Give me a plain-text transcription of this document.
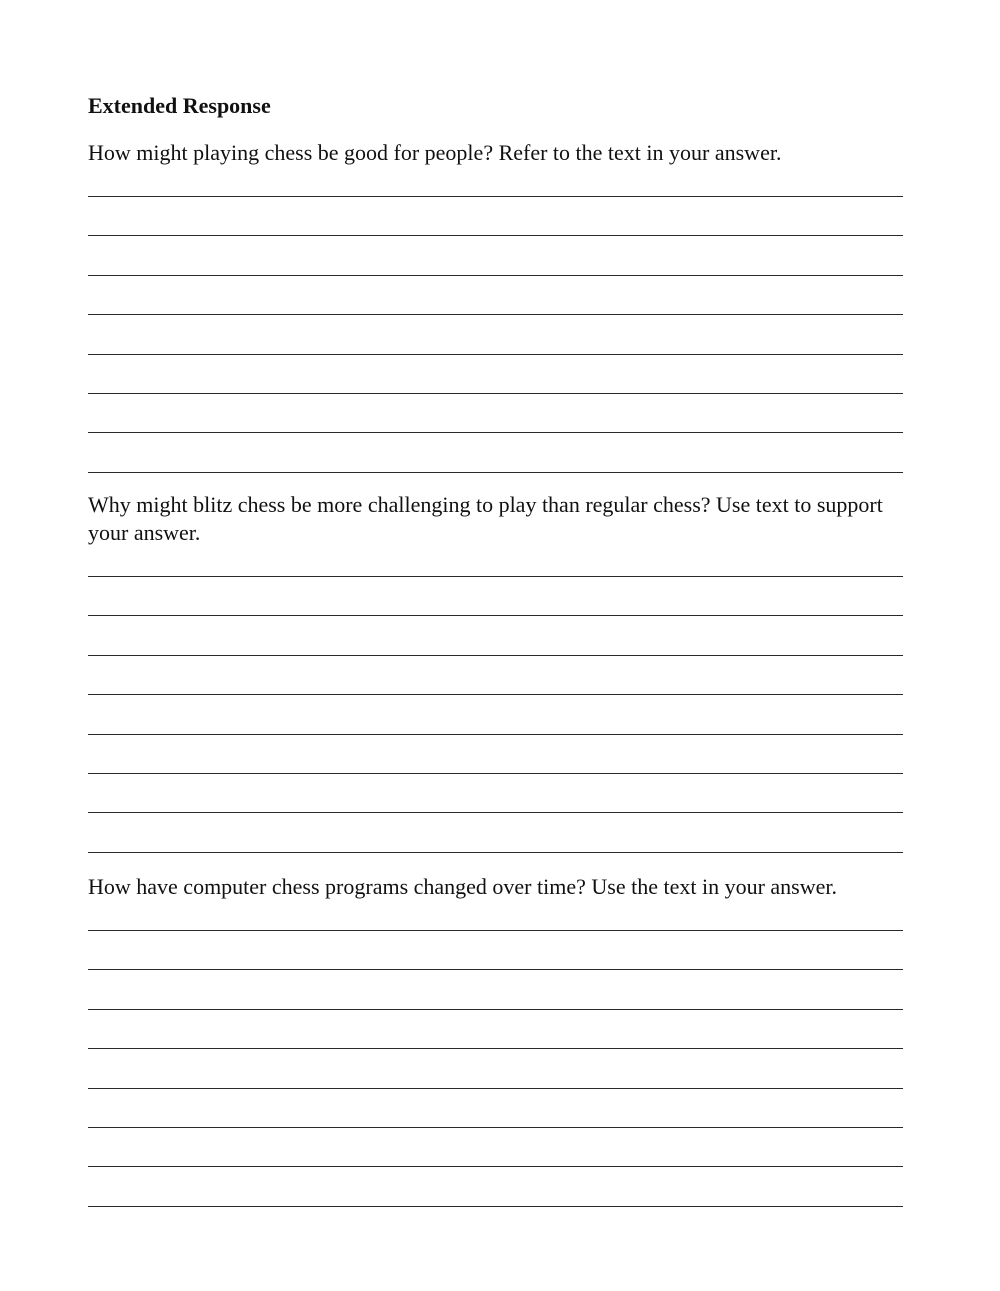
Extended Response

How might playing chess be good for people? Refer to the text in your answer.

Why might blitz chess be more challenging to play than regular chess? Use text to support your answer.

How have computer chess programs changed over time? Use the text in your answer.
